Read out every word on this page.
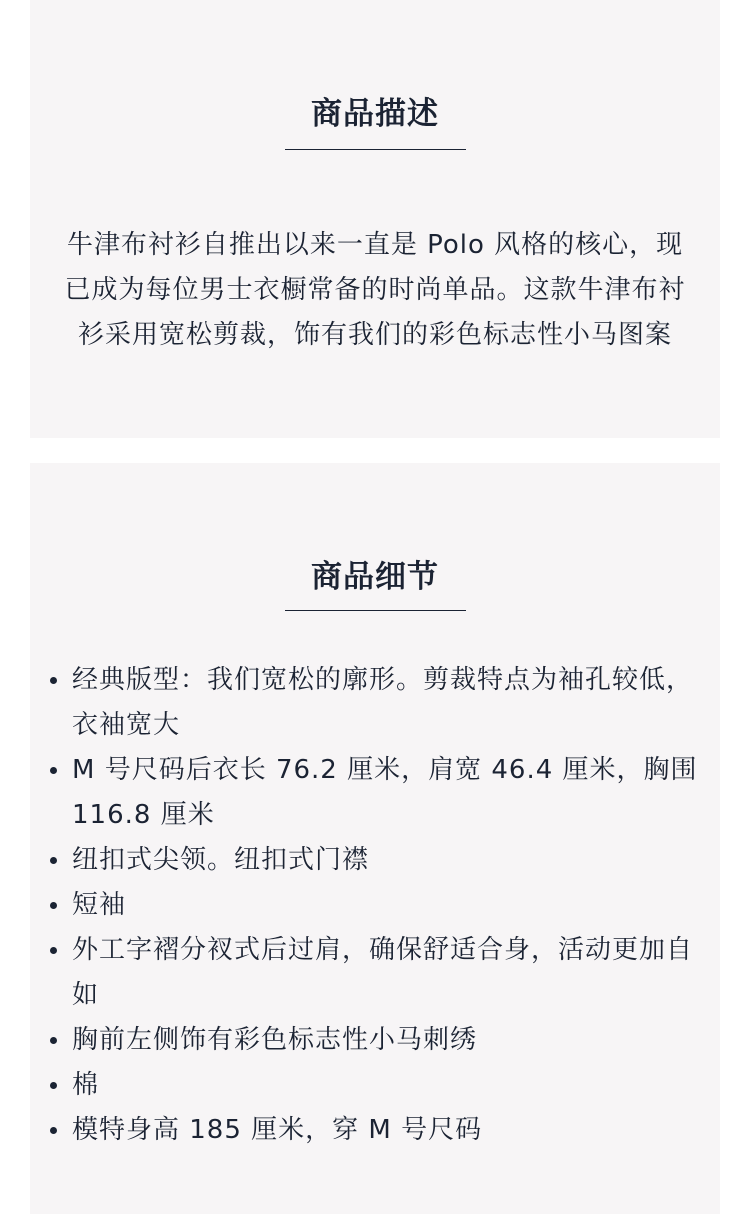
商品描述

牛津布衬衫自推出以来一直是 Polo 风格的核心，现已成为每位男士衣橱常备的时尚单品。这款牛津布衬衫采用宽松剪裁，饰有我们的彩色标志性小马图案

商品细节
经典版型：我们宽松的廓形。剪裁特点为袖孔较低，衣袖宽大
M 号尺码后衣长 76.2 厘米，肩宽 46.4 厘米，胸围 116.8 厘米
纽扣式尖领。纽扣式门襟
短袖
外工字褶分衩式后过肩，确保舒适合身，活动更加自如
胸前左侧饰有彩色标志性小马刺绣
棉
模特身高 185 厘米，穿 M 号尺码
